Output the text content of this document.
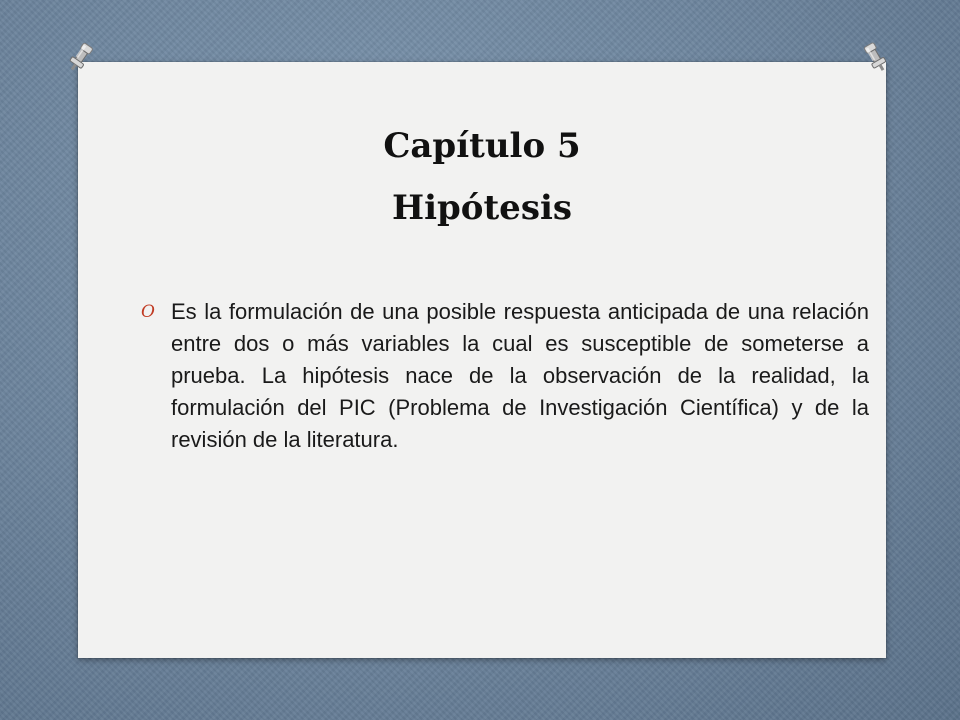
Capítulo 5
Hipótesis
O Es la formulación de una posible respuesta anticipada de una relación entre dos o más variables la cual es susceptible de someterse a prueba. La hipótesis nace de la observación de la realidad, la formulación del PIC (Problema de Investigación Científica) y de la revisión de la literatura.
